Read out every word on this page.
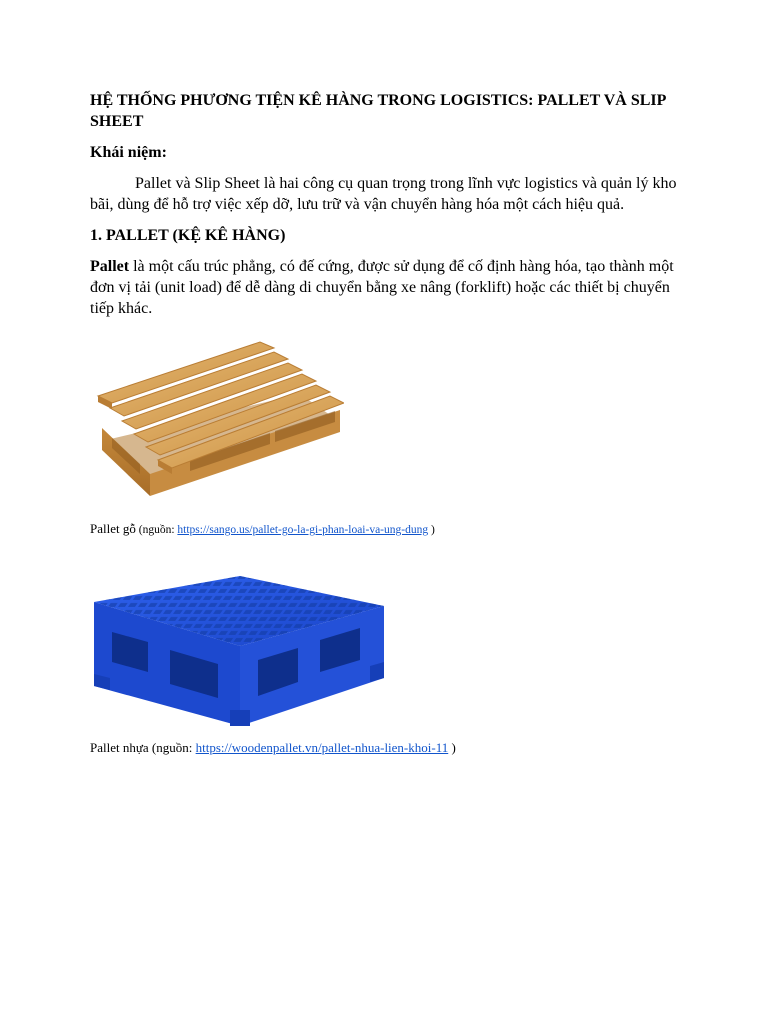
HỆ THỐNG PHƯƠNG TIỆN KÊ HÀNG TRONG LOGISTICS: PALLET VÀ SLIP SHEET

Khái niệm:

Pallet và Slip Sheet là hai công cụ quan trọng trong lĩnh vực logistics và quản lý kho bãi, dùng để hỗ trợ việc xếp dỡ, lưu trữ và vận chuyển hàng hóa một cách hiệu quả.

1. PALLET (KỆ KÊ HÀNG)

Pallet là một cấu trúc phẳng, có đế cứng, được sử dụng để cố định hàng hóa, tạo thành một đơn vị tải (unit load) để dễ dàng di chuyển bằng xe nâng (forklift) hoặc các thiết bị chuyển tiếp khác.

Pallet gỗ (nguồn: https://sango.us/pallet-go-la-gi-phan-loai-va-ung-dung )
Pallet nhựa (nguồn: https://woodenpallet.vn/pallet-nhua-lien-khoi-11 )
